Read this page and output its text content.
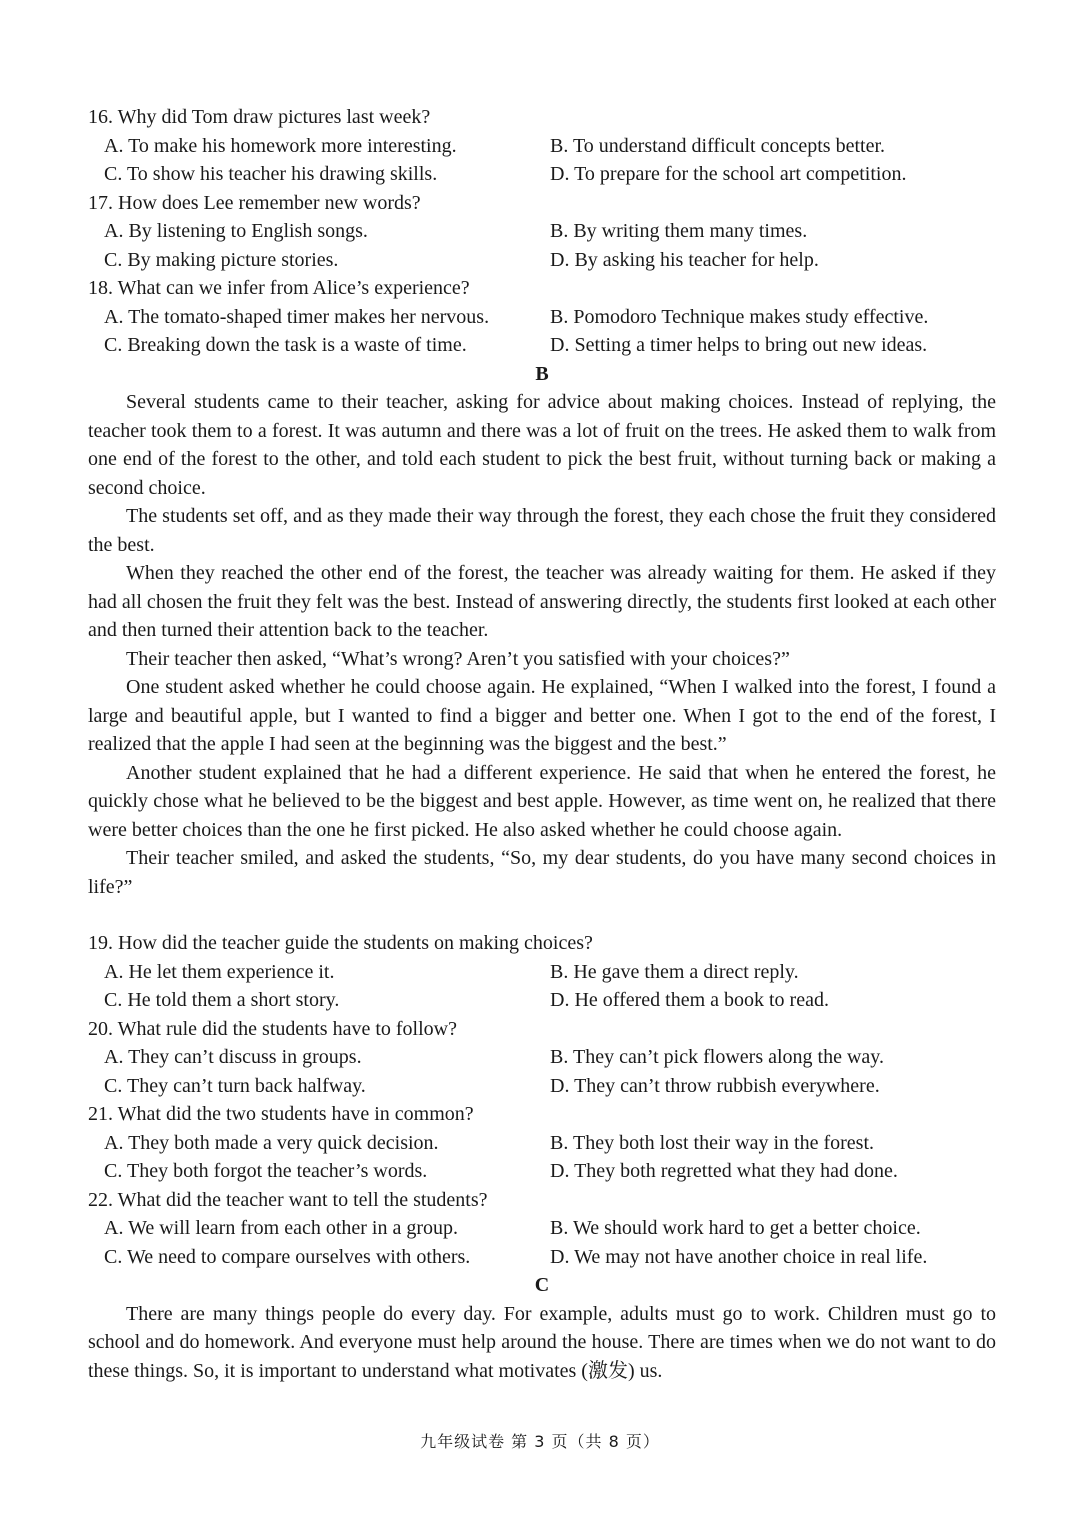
16. Why did Tom draw pictures last week?

A. To make his homework more interesting.	B. To understand difficult concepts better.
C. To show his teacher his drawing skills.	D. To prepare for the school art competition.

17. How does Lee remember new words?

A. By listening to English songs.	B. By writing them many times.
C. By making picture stories.	D. By asking his teacher for help.

18. What can we infer from Alice’s experience?

A. The tomato-shaped timer makes her nervous.	B. Pomodoro Technique makes study effective.
C. Breaking down the task is a waste of time.	D. Setting a timer helps to bring out new ideas.

B

Several students came to their teacher, asking for advice about making choices. Instead of replying, the teacher took them to a forest. It was autumn and there was a lot of fruit on the trees. He asked them to walk from one end of the forest to the other, and told each student to pick the best fruit, without turning back or making a second choice.

The students set off, and as they made their way through the forest, they each chose the fruit they considered the best.

When they reached the other end of the forest, the teacher was already waiting for them. He asked if they had all chosen the fruit they felt was the best. Instead of answering directly, the students first looked at each other and then turned their attention back to the teacher.

Their teacher then asked, “What’s wrong? Aren’t you satisfied with your choices?”

One student asked whether he could choose again. He explained, “When I walked into the forest, I found a large and beautiful apple, but I wanted to find a bigger and better one. When I got to the end of the forest, I realized that the apple I had seen at the beginning was the biggest and the best.”

Another student explained that he had a different experience. He said that when he entered the forest, he quickly chose what he believed to be the biggest and best apple. However, as time went on, he realized that there were better choices than the one he first picked. He also asked whether he could choose again.

Their teacher smiled, and asked the students, “So, my dear students, do you have many second choices in life?”

19. How did the teacher guide the students on making choices?

A. He let them experience it.	B. He gave them a direct reply.
C. He told them a short story.	D. He offered them a book to read.

20. What rule did the students have to follow?

A. They can’t discuss in groups.	B. They can’t pick flowers along the way.
C. They can’t turn back halfway.	D. They can’t throw rubbish everywhere.

21. What did the two students have in common?

A. They both made a very quick decision.	B. They both lost their way in the forest.
C. They both forgot the teacher’s words.	D. They both regretted what they had done.

22. What did the teacher want to tell the students?

A. We will learn from each other in a group.	B. We should work hard to get a better choice.
C. We need to compare ourselves with others.	D. We may not have another choice in real life.

C

There are many things people do every day. For example, adults must go to work. Children must go to school and do homework. And everyone must help around the house. There are times when we do not want to do these things. So, it is important to understand what motivates (激发) us.

九年级试卷 第 3 页（共 8 页）
